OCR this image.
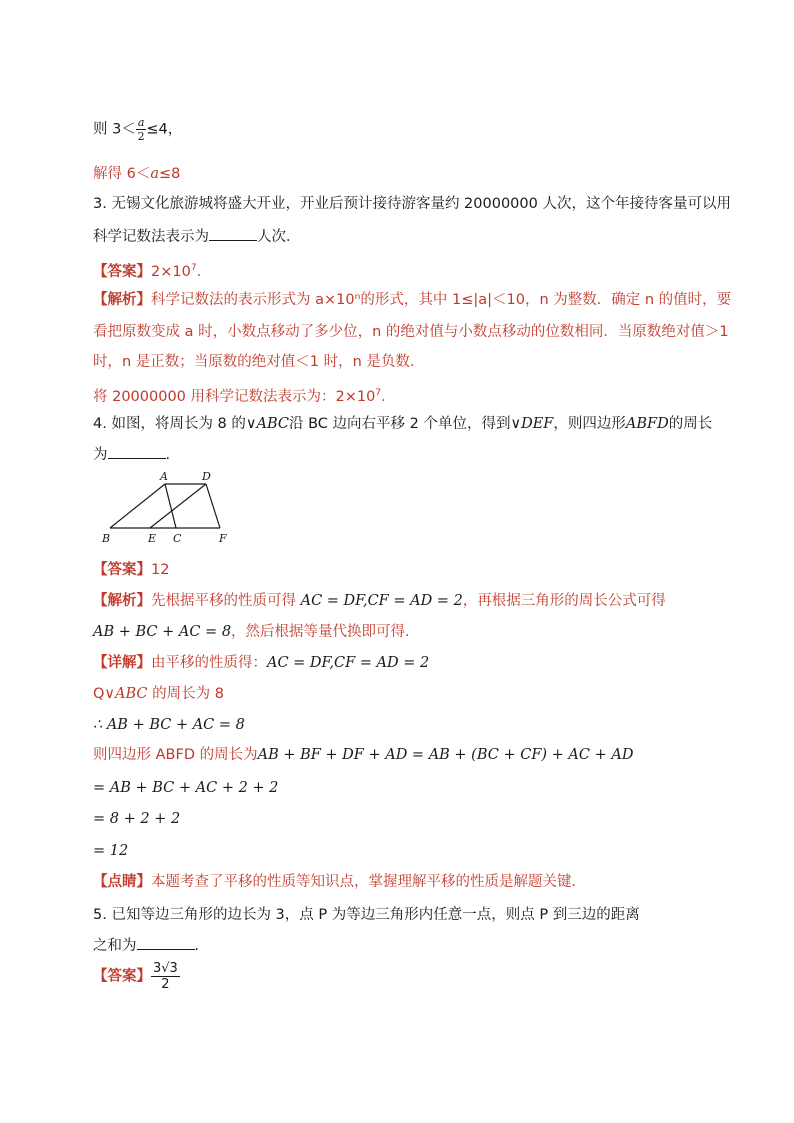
则 $3< \frac{a}{2} \le 4$，
解得 6＜a≤8
3. 无锡文化旅游城将盛大开业，开业后预计接待游客量约 20000000 人次，这个年接待客量可以用
科学记数法表示为	人次．
【答案】$2\times 10^7$．
【解析】科学记数法的表示形式为 a×10ⁿ的形式，其中 1≤|a|＜10，n 为整数．确定 n 的值时，要
看把原数变成 a 时，小数点移动了多少位，n 的绝对值与小数点移动的位数相同．当原数绝对值＞1
时，n 是正数；当原数的绝对值＜1 时，n 是负数．
将 20000000 用科学记数法表示为：$2\times 10^7$．
4. 如图，将周长为 8 的∨ABC沿 BC 边向右平移 2 个单位，得到∨DEF，则四边形ABFD的周长
为	．
A	D
B	E C	F
【答案】12
【解析】先根据平移的性质可得 AC = DF,CF = AD = 2，再根据三角形的周长公式可得
AB + BC + AC = 8，然后根据等量代换即可得．
【详解】由平移的性质得：AC = DF,CF = AD = 2
Q∨ABC 的周长为 8
∴ AB + BC + AC = 8
则四边形 ABFD 的周长为AB + BF + DF + AD = AB + (BC + CF) + AC + AD
= AB + BC + AC + 2 + 2
= 8 + 2 + 2
= 12
【点睛】本题考查了平移的性质等知识点，掌握理解平移的性质是解题关键．
5. 已知等边三角形的边长为 3，点 P 为等边三角形内任意一点，则点 P 到三边的距离
之和为	．
【答案】 $\frac{3√3}{2}$
